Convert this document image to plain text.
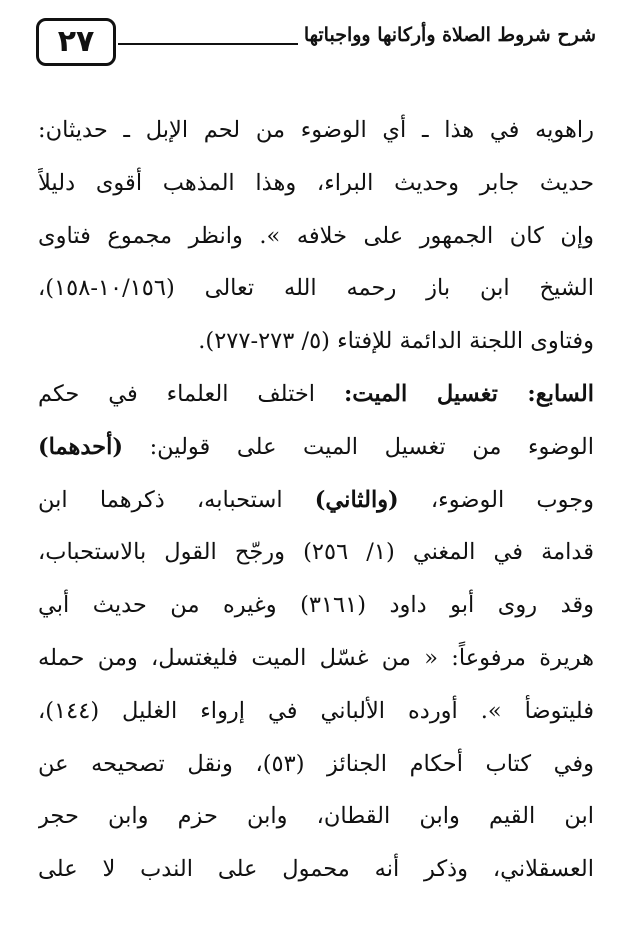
٢٧	شرح شروط الصلاة وأركانها وواجباتها
راهويه في هذا ـ أي الوضوء من لحم الإبل ـ حديثان:
حديث جابر وحديث البراء، وهذا المذهب أقوى دليلاً
وإن كان الجمهور على خلافه ». وانظر مجموع فتاوى
الشيخ ابن باز رحمه الله تعالى (١٠/١٥٦-١٥٨)،
وفتاوى اللجنة الدائمة للإفتاء (٥/ ٢٧٣-٢٧٧).
السابع: تغسيل الميت: اختلف العلماء في حكم
الوضوء من تغسيل الميت على قولين: (أحدهما)
وجوب الوضوء، (والثاني) استحبابه، ذكرهما ابن
قدامة في المغني (١/ ٢٥٦) ورجّح القول بالاستحباب،
وقد روى أبو داود (٣١٦١) وغيره من حديث أبي
هريرة مرفوعاً: « من غسّل الميت فليغتسل، ومن حمله
فليتوضأ ». أورده الألباني في إرواء الغليل (١٤٤)،
وفي كتاب أحكام الجنائز (٥٣)، ونقل تصحيحه عن
ابن القيم وابن القطان، وابن حزم وابن حجر
العسقلاني، وذكر أنه محمول على الندب لا على
